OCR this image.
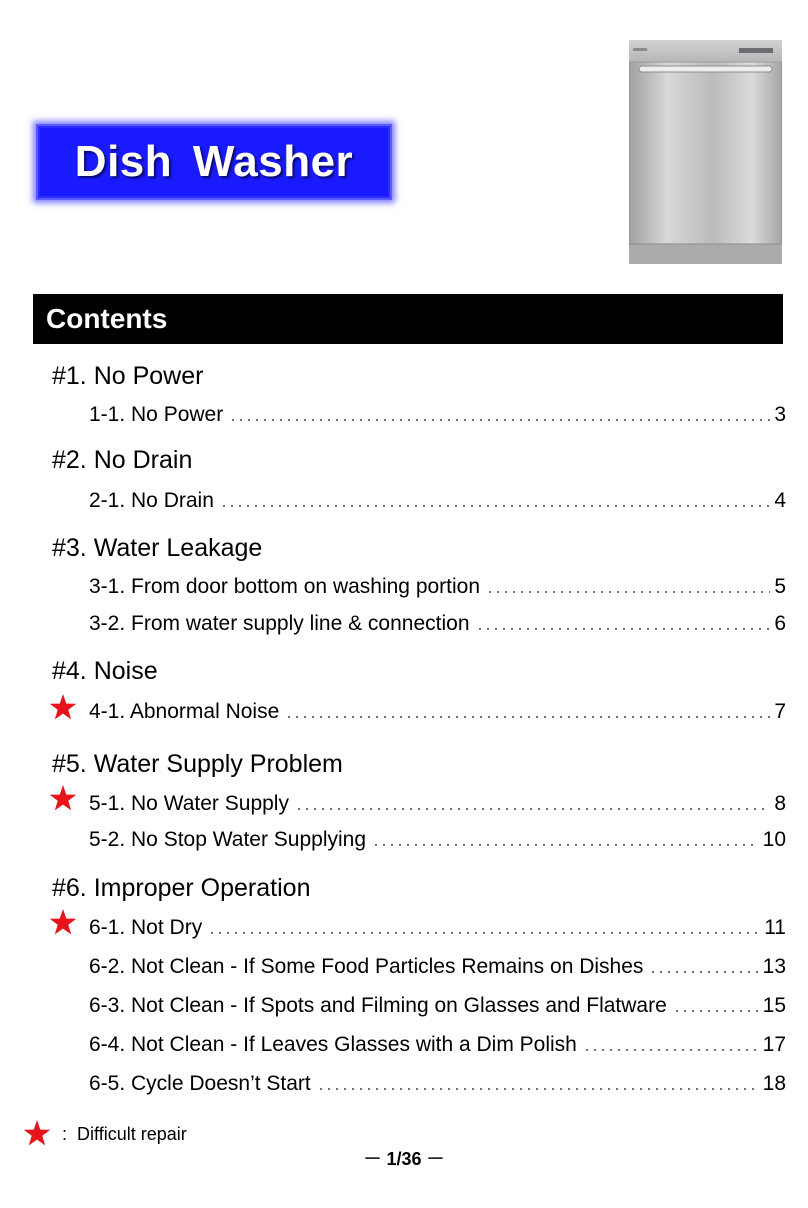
Dish Washer
Contents
#1. No Power
1-1. No Power	3
#2. No Drain
2-1. No Drain	4
#3. Water Leakage
3-1. From door bottom on washing portion	5
3-2. From water supply line & connection	6
#4. Noise
4-1. Abnormal Noise	7
#5. Water Supply Problem
5-1. No Water Supply	8
5-2. No Stop Water Supplying	10
#6. Improper Operation
6-1. Not Dry	11
6-2. Not Clean - If Some Food Particles Remains on Dishes	13
6-3. Not Clean - If Spots and Filming on Glasses and Flatware	15
6-4. Not Clean - If Leaves Glasses with a Dim Polish	17
6-5. Cycle Doesn’t Start	18
: Difficult repair
－ 1/36 －
